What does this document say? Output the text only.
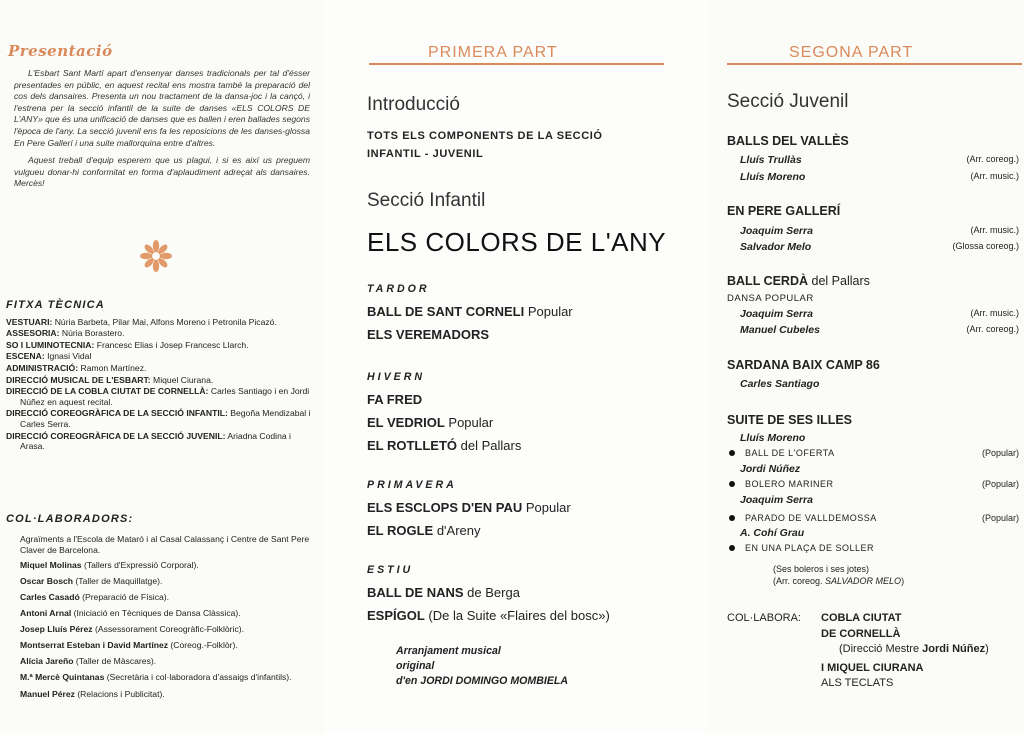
Presentació

L'Esbart Sant Martí apart d'ensenyar danses tradicionals per tal d'ésser presentades en públic, en aquest recital ens mostra també la preparació del cos dels dansaires. Presenta un nou tractament de la dansa-joc i la cançó, i l'estrena per la secció infantil de la suite de danses «ELS COLORS DE L'ANY» que és una unificació de danses que es ballen i eren ballades segons l'època de l'any. La secció juvenil ens fa les reposicions de les danses-glossa En Pere Gallerí i una suite mallorquina entre d'altres.

Aquest treball d'equip esperem que us plagui, i si es així us preguem vulgueu donar-hi conformitat en forma d'aplaudiment adreçat als dansaires. Mercès!

FITXA TÈCNICA
VESTUARI: Núria Barbeta, Pilar Mai, Alfons Moreno i Petronila Picazó.
ASSESORIA: Núria Borastero.
SO I LUMINOTECNIA: Francesc Elias i Josep Francesc Llarch.
ESCENA: Ignasi Vidal
ADMINISTRACIÓ: Ramon Martínez.
DIRECCIÓ MUSICAL DE L'ESBART: Miquel Ciurana.
DIRECCIÓ DE LA COBLA CIUTAT DE CORNELLÀ: Carles Santiago i en Jordi Núñez en aquest recital.
DIRECCIÓ COREOGRÀFICA DE LA SECCIÓ INFANTIL: Begoña Mendizabal i Carles Serra.
DIRECCIÓ COREOGRÀFICA DE LA SECCIÓ JUVENIL: Ariadna Codina i Arasa.
COL·LABORADORS:
Agraïments a l'Escola de Mataró i al Casal Calassanç i Centre de Sant Pere Claver de Barcelona.
Miquel Molinas (Tallers d'Expressió Corporal).
Oscar Bosch (Taller de Maquillatge).
Carles Casadó (Preparació de Física).
Antoni Arnal (Iniciació en Tècniques de Dansa Clàssica).
Josep Lluís Pérez (Assessorament Coreogràfic-Folklòric).
Montserrat Esteban i David Martínez (Coreog.-Folklòr).
Alícia Jareño (Taller de Màscares).
M.ª Mercè Quintanas (Secretària i col·laboradora d'assaigs d'infantils).
Manuel Pérez (Relacions i Publicitat).
PRIMERA PART
Introducció
TOTS ELS COMPONENTS DE LA SECCIÓ
INFANTIL - JUVENIL
Secció Infantil
ELS COLORS DE L'ANY
TARDOR
BALL DE SANT CORNELI Popular
ELS VEREMADORS
HIVERN
FA FRED
EL VEDRIOL Popular
EL ROTLLETÓ del Pallars
PRIMAVERA
ELS ESCLOPS D'EN PAU Popular
EL ROGLE d'Areny
ESTIU
BALL DE NANS de Berga
ESPÍGOL (De la Suite «Flaires del bosc»)
Arranjament musical
original
d'en JORDI DOMINGO MOMBIELA
SEGONA PART
Secció Juvenil
BALLS DEL VALLÈS
Lluís Trullàs	(Arr. coreog.)
Lluís Moreno	(Arr. music.)
EN PERE GALLERÍ
Joaquim Serra	(Arr. music.)
Salvador Melo	(Glossa coreog.)
BALL CERDÀ del Pallars
DANSA POPULAR
Joaquim Serra	(Arr. music.)
Manuel Cubeles	(Arr. coreog.)
SARDANA BAIX CAMP 86
Carles Santiago
SUITE DE SES ILLES
Lluís Moreno
BALL DE L'OFERTA	(Popular)
Jordi Núñez
BOLERO MARINER	(Popular)
Joaquim Serra
PARADO DE VALLDEMOSSA	(Popular)
A. Cohí Grau
EN UNA PLAÇA DE SOLLER
(Ses boleros i ses jotes)
(Arr. coreog. SALVADOR MELO)
COL·LABORA: COBLA CIUTAT
DE CORNELLÀ
(Direcció Mestre Jordi Núñez)
I MIQUEL CIURANA
ALS TECLATS
